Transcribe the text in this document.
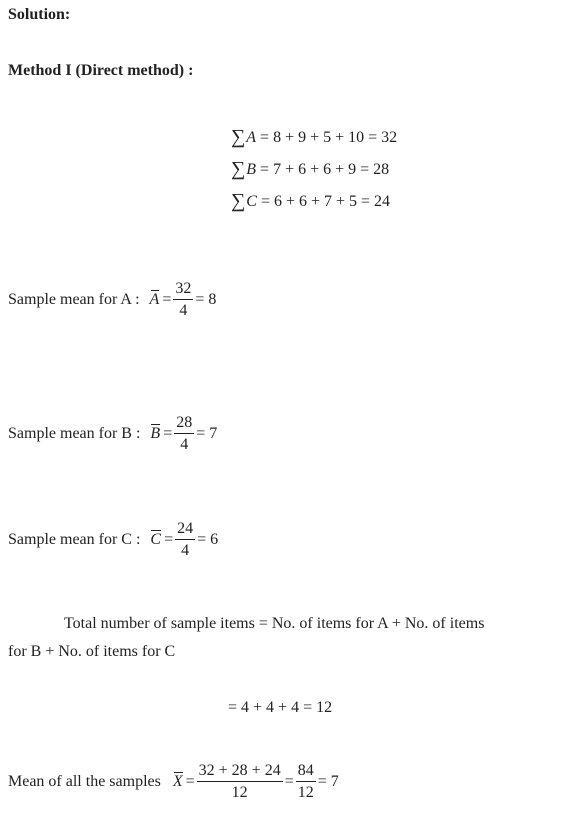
Solution:
Method I (Direct method) :
∑A = 8 + 9 + 5 + 10 = 32
∑B = 7 + 6 + 6 + 9 = 28
∑C = 6 + 6 + 7 + 5 = 24
Sample mean for A : $A = \frac{32}{4} = 8$
Sample mean for B : $B = \frac{28}{4} = 7$
Sample mean for C : $C = \frac{24}{4} = 6$
Total number of sample items = No. of items for A + No. of items
for B + No. of items for C
= 4 + 4 + 4 = 12
Mean of all the samples $X = \frac{32 + 28 + 24}{12} = \frac{84}{12} = 7$
